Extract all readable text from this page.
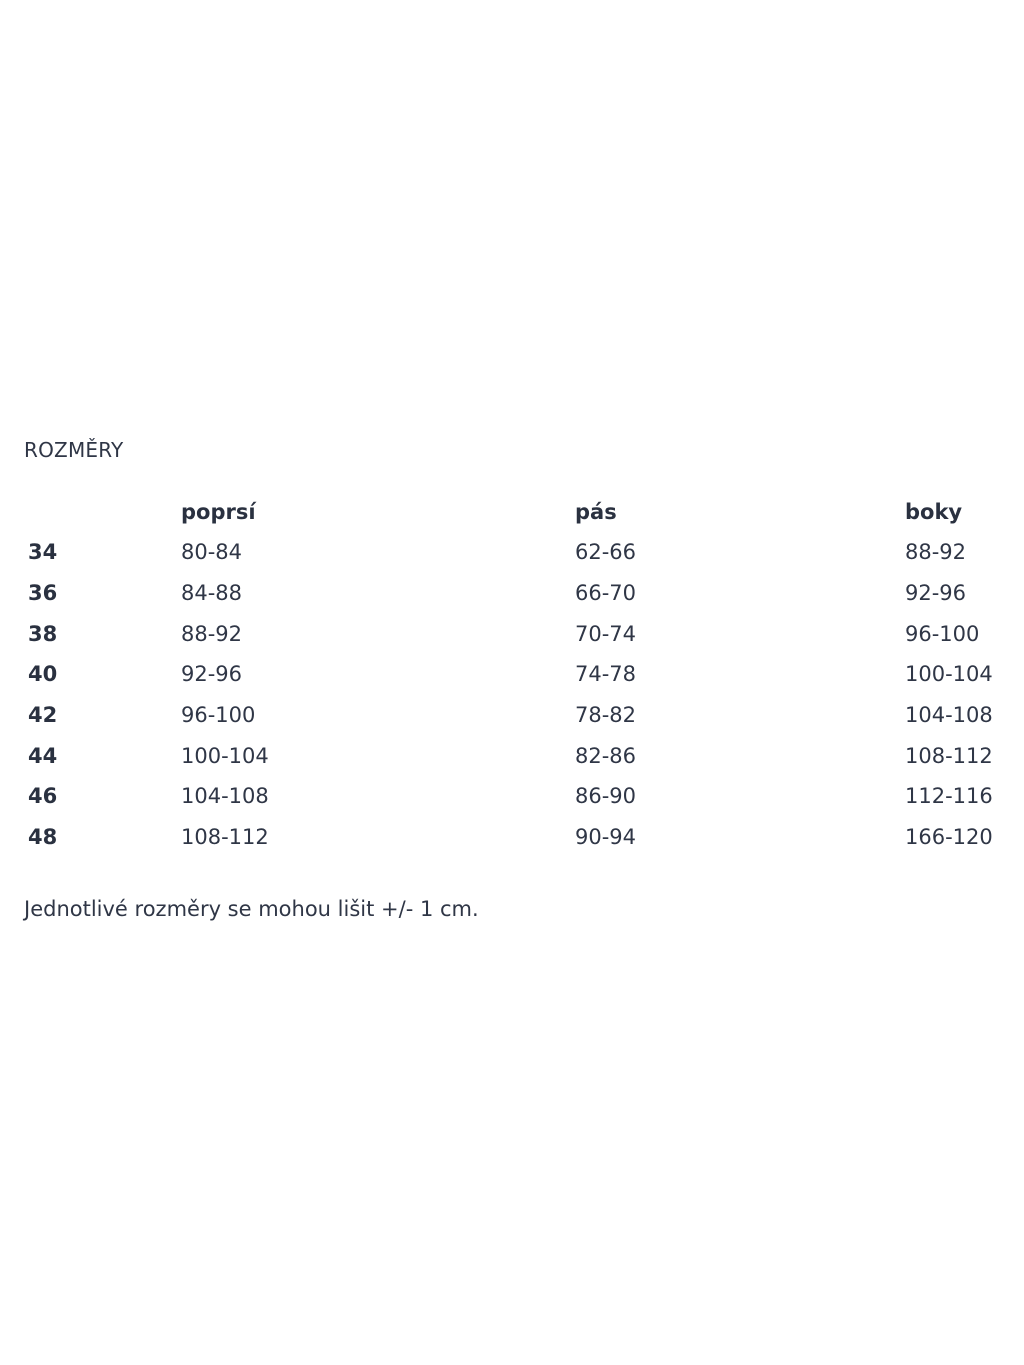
ROZMĚRY
	poprsí	pás	boky
34	80-84	62-66	88-92
36	84-88	66-70	92-96
38	88-92	70-74	96-100
40	92-96	74-78	100-104
42	96-100	78-82	104-108
44	100-104	82-86	108-112
46	104-108	86-90	112-116
48	108-112	90-94	166-120
Jednotlivé rozměry se mohou lišit +/- 1 cm.
